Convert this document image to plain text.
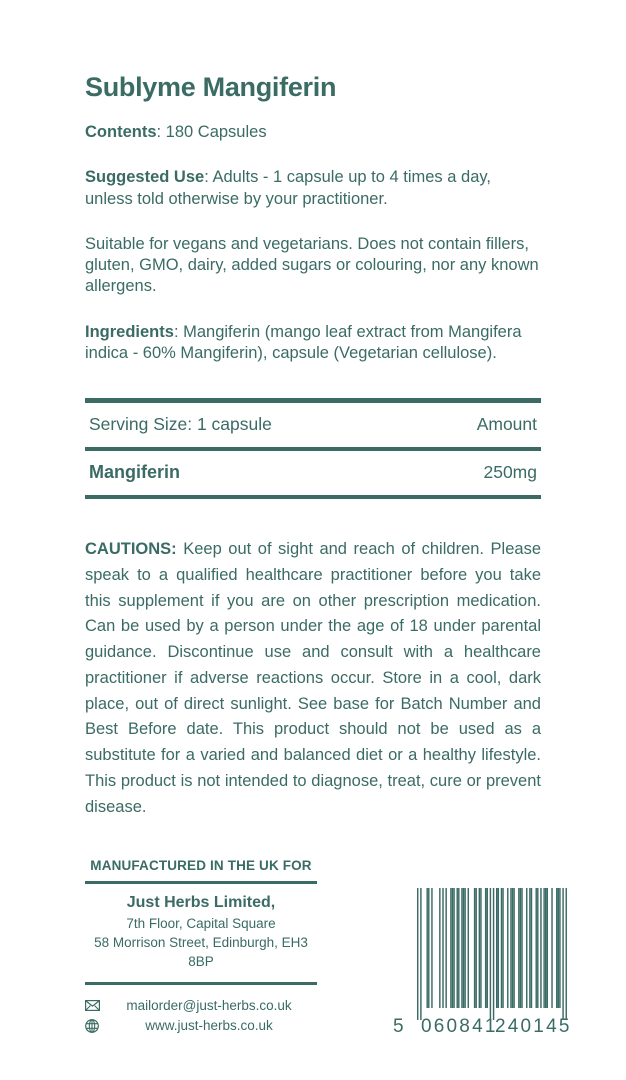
Sublyme Mangiferin

Contents: 180 Capsules

Suggested Use: Adults - 1 capsule up to 4 times a day, unless told otherwise by your practitioner.

Suitable for vegans and vegetarians. Does not contain fillers, gluten, GMO, dairy, added sugars or colouring, nor any known allergens.

Ingredients: Mangiferin (mango leaf extract from Mangifera indica - 60% Mangiferin), capsule (Vegetarian cellulose).

Serving Size: 1 capsule	Amount
Mangiferin	250mg

CAUTIONS: Keep out of sight and reach of children. Please speak to a qualified healthcare practitioner before you take this supplement if you are on other prescription medication. Can be used by a person under the age of 18 under parental guidance. Discontinue use and consult with a healthcare practitioner if adverse reactions occur. Store in a cool, dark place, out of direct sunlight. See base for Batch Number and Best Before date. This product should not be used as a substitute for a varied and balanced diet or a healthy lifestyle. This product is not intended to diagnose, treat, cure or prevent disease.

MANUFACTURED IN THE UK FOR
Just Herbs Limited,
7th Floor, Capital Square
58 Morrison Street, Edinburgh, EH3 8BP
mailorder@just-herbs.co.uk
www.just-herbs.co.uk	5 060841
240145
